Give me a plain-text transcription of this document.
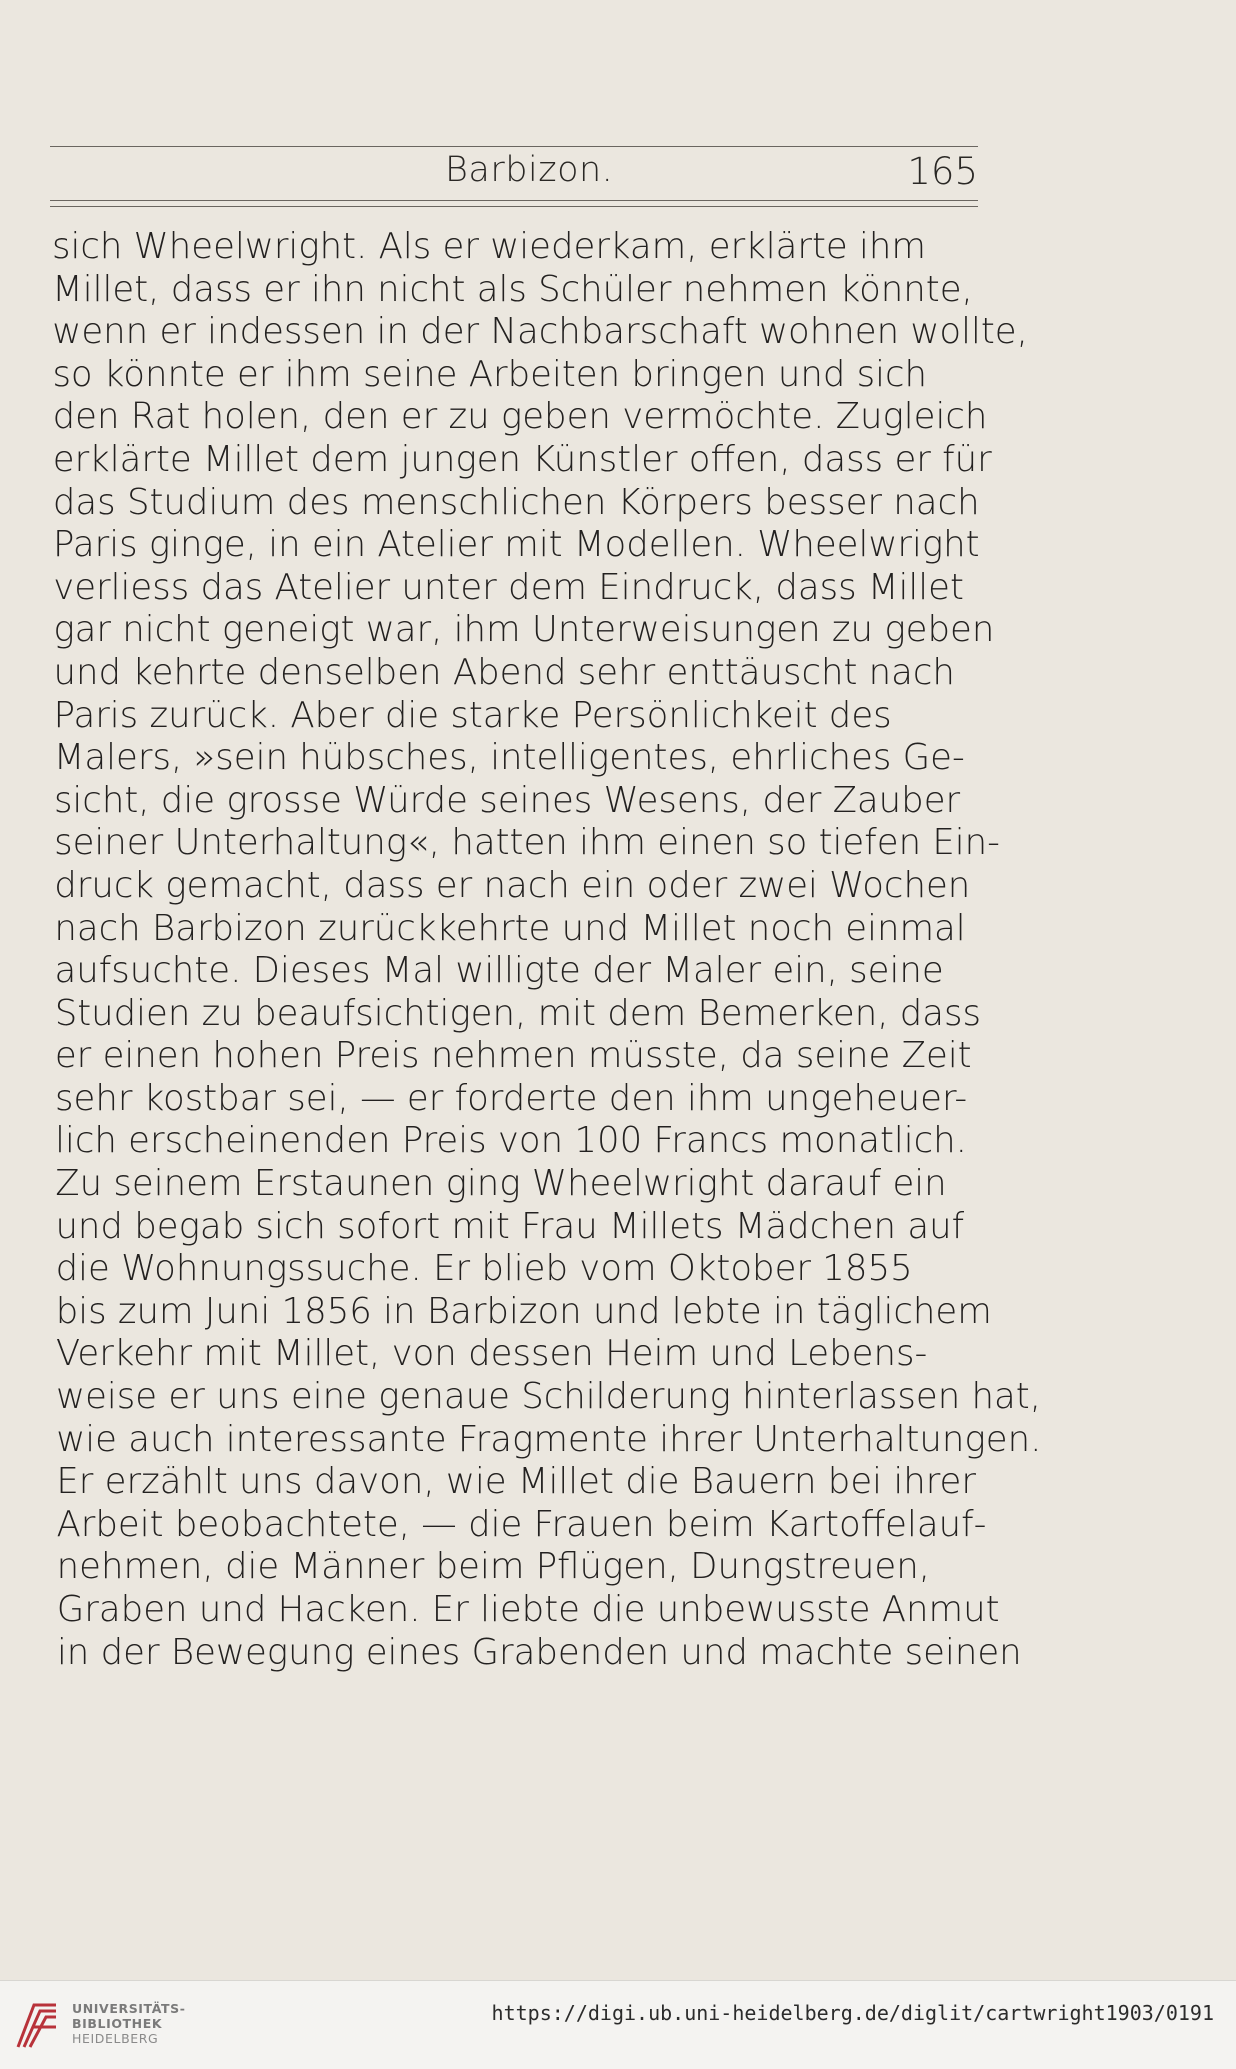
Barbizon.	165
sich Wheelwright. Als er wiederkam, erklärte ihm
Millet, dass er ihn nicht als Schüler nehmen könnte,
wenn er indessen in der Nachbarschaft wohnen wollte,
so könnte er ihm seine Arbeiten bringen und sich
den Rat holen, den er zu geben vermöchte. Zugleich
erklärte Millet dem jungen Künstler offen, dass er für
das Studium des menschlichen Körpers besser nach
Paris ginge, in ein Atelier mit Modellen. Wheelwright
verliess das Atelier unter dem Eindruck, dass Millet
gar nicht geneigt war, ihm Unterweisungen zu geben
und kehrte denselben Abend sehr enttäuscht nach
Paris zurück. Aber die starke Persönlichkeit des
Malers, »sein hübsches, intelligentes, ehrliches Ge-
sicht, die grosse Würde seines Wesens, der Zauber
seiner Unterhaltung«, hatten ihm einen so tiefen Ein-
druck gemacht, dass er nach ein oder zwei Wochen
nach Barbizon zurückkehrte und Millet noch einmal
aufsuchte. Dieses Mal willigte der Maler ein, seine
Studien zu beaufsichtigen, mit dem Bemerken, dass
er einen hohen Preis nehmen müsste, da seine Zeit
sehr kostbar sei, — er forderte den ihm ungeheuer-
lich erscheinenden Preis von 100 Francs monatlich.
Zu seinem Erstaunen ging Wheelwright darauf ein
und begab sich sofort mit Frau Millets Mädchen auf
die Wohnungssuche. Er blieb vom Oktober 1855
bis zum Juni 1856 in Barbizon und lebte in täglichem
Verkehr mit Millet, von dessen Heim und Lebens-
weise er uns eine genaue Schilderung hinterlassen hat,
wie auch interessante Fragmente ihrer Unterhaltungen.
Er erzählt uns davon, wie Millet die Bauern bei ihrer
Arbeit beobachtete, — die Frauen beim Kartoffelauf-
nehmen, die Männer beim Pflügen, Dungstreuen,
Graben und Hacken. Er liebte die unbewusste Anmut
in der Bewegung eines Grabenden und machte seinen
UNIVERSITÄTS-
BIBLIOTHEK
HEIDELBERG
https://digi.ub.uni-heidelberg.de/diglit/cartwright1903/0191
